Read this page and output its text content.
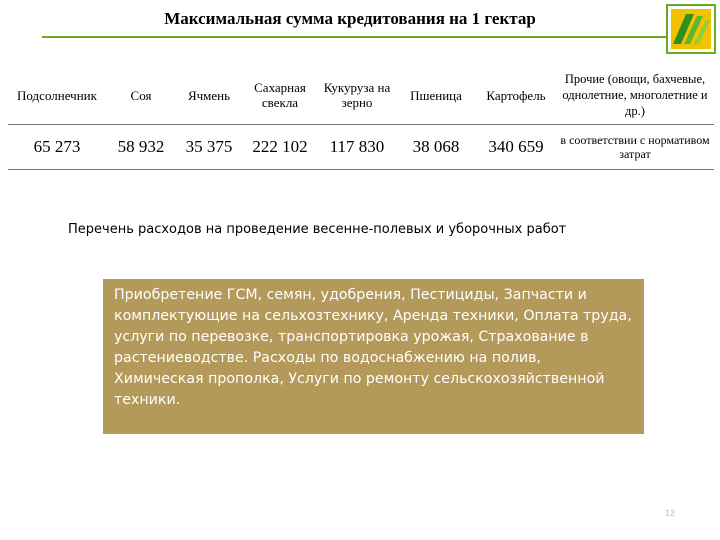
Максимальная сумма кредитования на 1 гектар
Подсолнечник	Соя	Ячмень	Сахарная свекла	Кукуруза на зерно	Пшеница	Картофель	Прочие (овощи, бахчевые, однолетние, многолетние и др.)
65 273	58 932	35 375	222 102	117 830	38 068	340 659	в соответствии с нормативом затрат

Перечень расходов на проведение весенне-полевых и уборочных работ

Приобретение ГСМ, семян, удобрения, Пестициды, Запчасти и комплектующие на сельхозтехнику, Аренда техники, Оплата труда, услуги по перевозке, транспортировка урожая, Страхование в растениеводстве. Расходы по водоснабжению на полив, Химическая прополка, Услуги по ремонту сельскохозяйственной техники.
12
